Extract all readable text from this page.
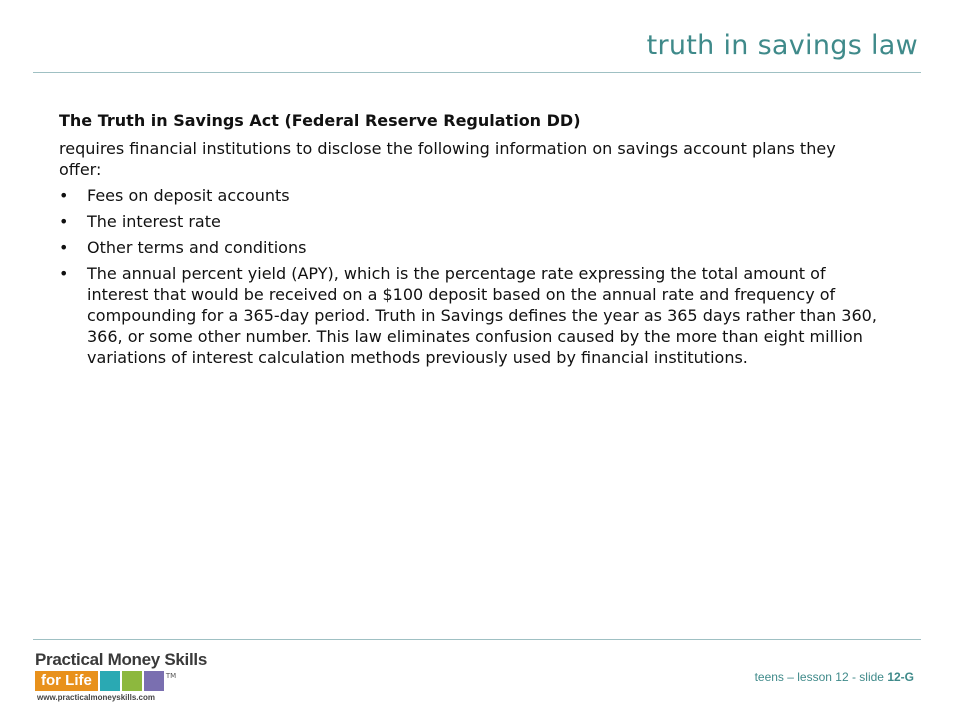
truth in savings law
The Truth in Savings Act (Federal Reserve Regulation DD)
requires financial institutions to disclose the following information on savings account plans they offer:
• Fees on deposit accounts
• The interest rate
• Other terms and conditions
• The annual percent yield (APY), which is the percentage rate expressing the total amount of interest that would be received on a $100 deposit based on the annual rate and frequency of compounding for a 365-day period. Truth in Savings defines the year as 365 days rather than 360, 366, or some other number. This law eliminates confusion caused by the more than eight million variations of interest calculation methods previously used by financial institutions.
Practical Money Skills
for Life	TM
www.practicalmoneyskills.com
teens – lesson 12 - slide 12-G
